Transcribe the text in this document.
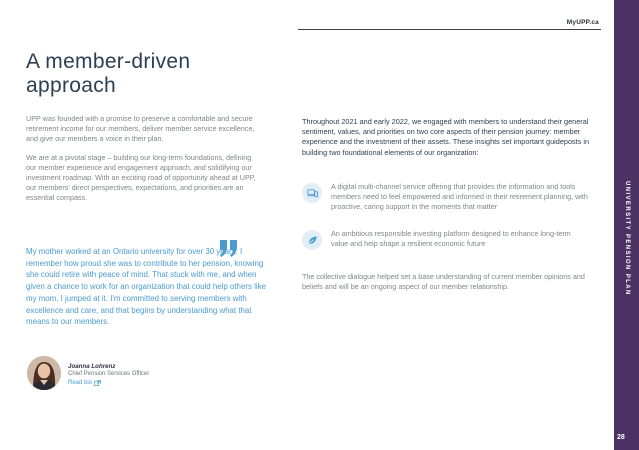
MyUPP.ca
A member-driven approach

UPP was founded with a promise to preserve a comfortable and secure retirement income for our members, deliver member service excellence, and give our members a voice in their plan.

We are at a pivotal stage – building our long-term foundations, defining our member experience and engagement approach, and solidifying our investment roadmap. With an exciting road of opportunity ahead at UPP, our members' direct perspectives, expectations, and priorities are an essential compass.

My mother worked at an Ontario university for over 30 years. I remember how proud she was to contribute to her pension, knowing she could retire with peace of mind. That stuck with me, and when given a chance to work for an organization that could help others like my mom, I jumped at it. I'm committed to serving members with excellence and care, and that begins by understanding what that means to our members.
Joanna Lohrenz
Chief Pension Services Officer
Read bio
Throughout 2021 and early 2022, we engaged with members to understand their general sentiment, values, and priorities on two core aspects of their pension journey: member experience and the investment of their assets. These insights set important guideposts in building two foundational elements of our organization:
A digital multi-channel service offering that provides the information and tools members need to feel empowered and informed in their retirement planning, with proactive, caring support in the moments that matter
An ambitious responsible investing platform designed to enhance long-term value and help shape a resilient economic future
The collective dialogue helped set a base understanding of current member opinions and beliefs and will be an ongoing aspect of our member relationship.	UNIVERSITY PENSION PLAN
28
